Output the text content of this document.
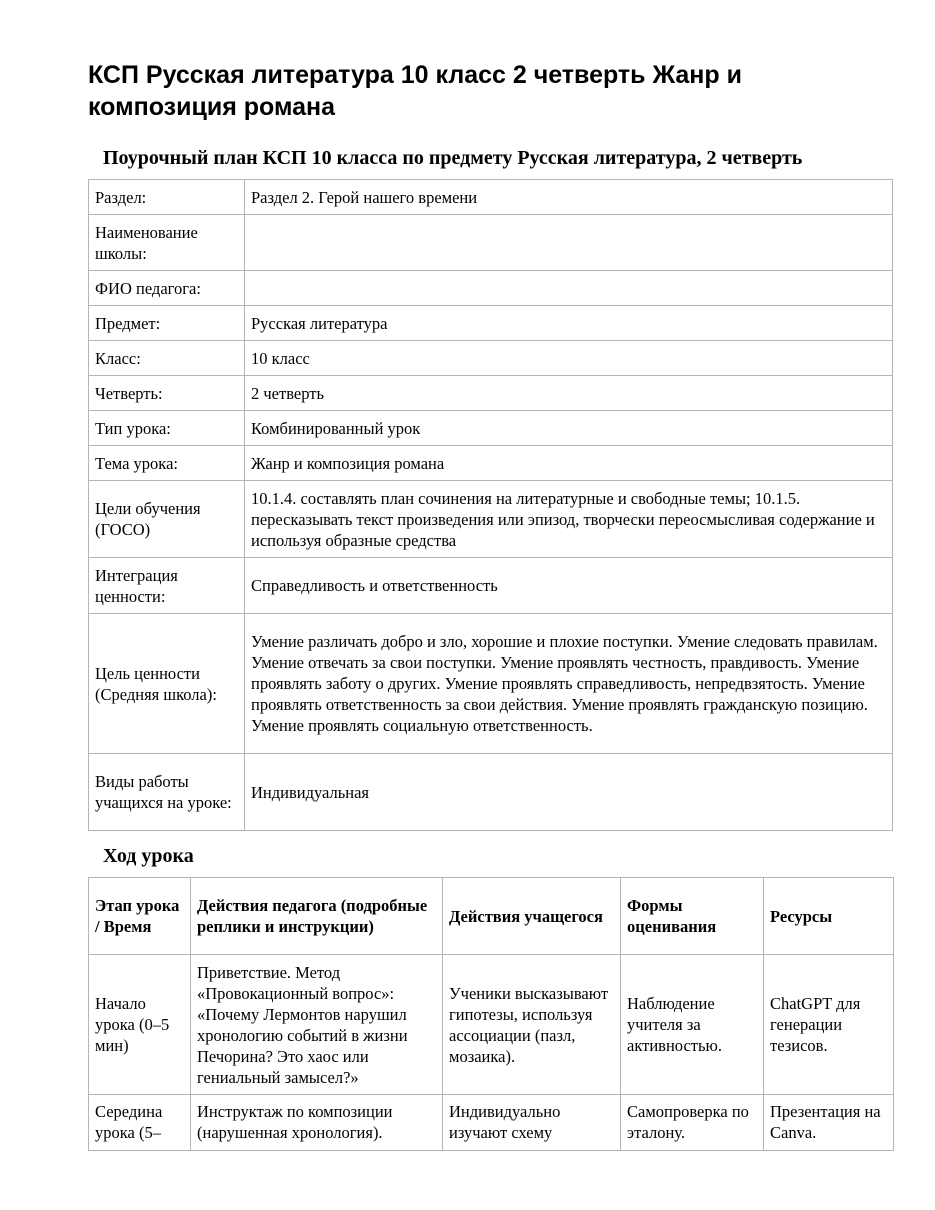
КСП Русская литература 10 класс 2 четверть Жанр и композиция романа

Поурочный план КСП 10 класса по предмету Русская литература, 2 четверть

Раздел:	Раздел 2. Герой нашего времени
Наименование школы:	
ФИО педагога:	
Предмет:	Русская литература
Класс:	10 класс
Четверть:	2 четверть
Тип урока:	Комбинированный урок
Тема урока:	Жанр и композиция романа
Цели обучения (ГОСО)	10.1.4. составлять план сочинения на литературные и свободные темы; 10.1.5. пересказывать текст произведения или эпизод, творчески переосмысливая содержание и используя образные средства
Интеграция ценности:	Справедливость и ответственность
Цель ценности (Средняя школа):	Умение различать добро и зло, хорошие и плохие поступки. Умение следовать правилам. Умение отвечать за свои поступки. Умение проявлять честность, правдивость. Умение проявлять заботу о других. Умение проявлять справедливость, непредвзятость. Умение проявлять ответственность за свои действия. Умение проявлять гражданскую позицию. Умение проявлять социальную ответственность.
Виды работы учащихся на уроке:	Индивидуальная

Ход урока

Этап урока / Время	Действия педагога (подробные реплики и инструкции)	Действия учащегося	Формы оценивания	Ресурсы
Начало урока (0–5 мин)	Приветствие. Метод «Провокационный вопрос»: «Почему Лермонтов нарушил хронологию событий в жизни Печорина? Это хаос или гениальный замысел?»	Ученики высказывают гипотезы, используя ассоциации (пазл, мозаика).	Наблюдение учителя за активностью.	ChatGPT для генерации тезисов.
Середина урока (5–	Инструктаж по композиции (нарушенная хронология).	Индивидуально изучают схему	Самопроверка по эталону.	Презентация на Canva.
